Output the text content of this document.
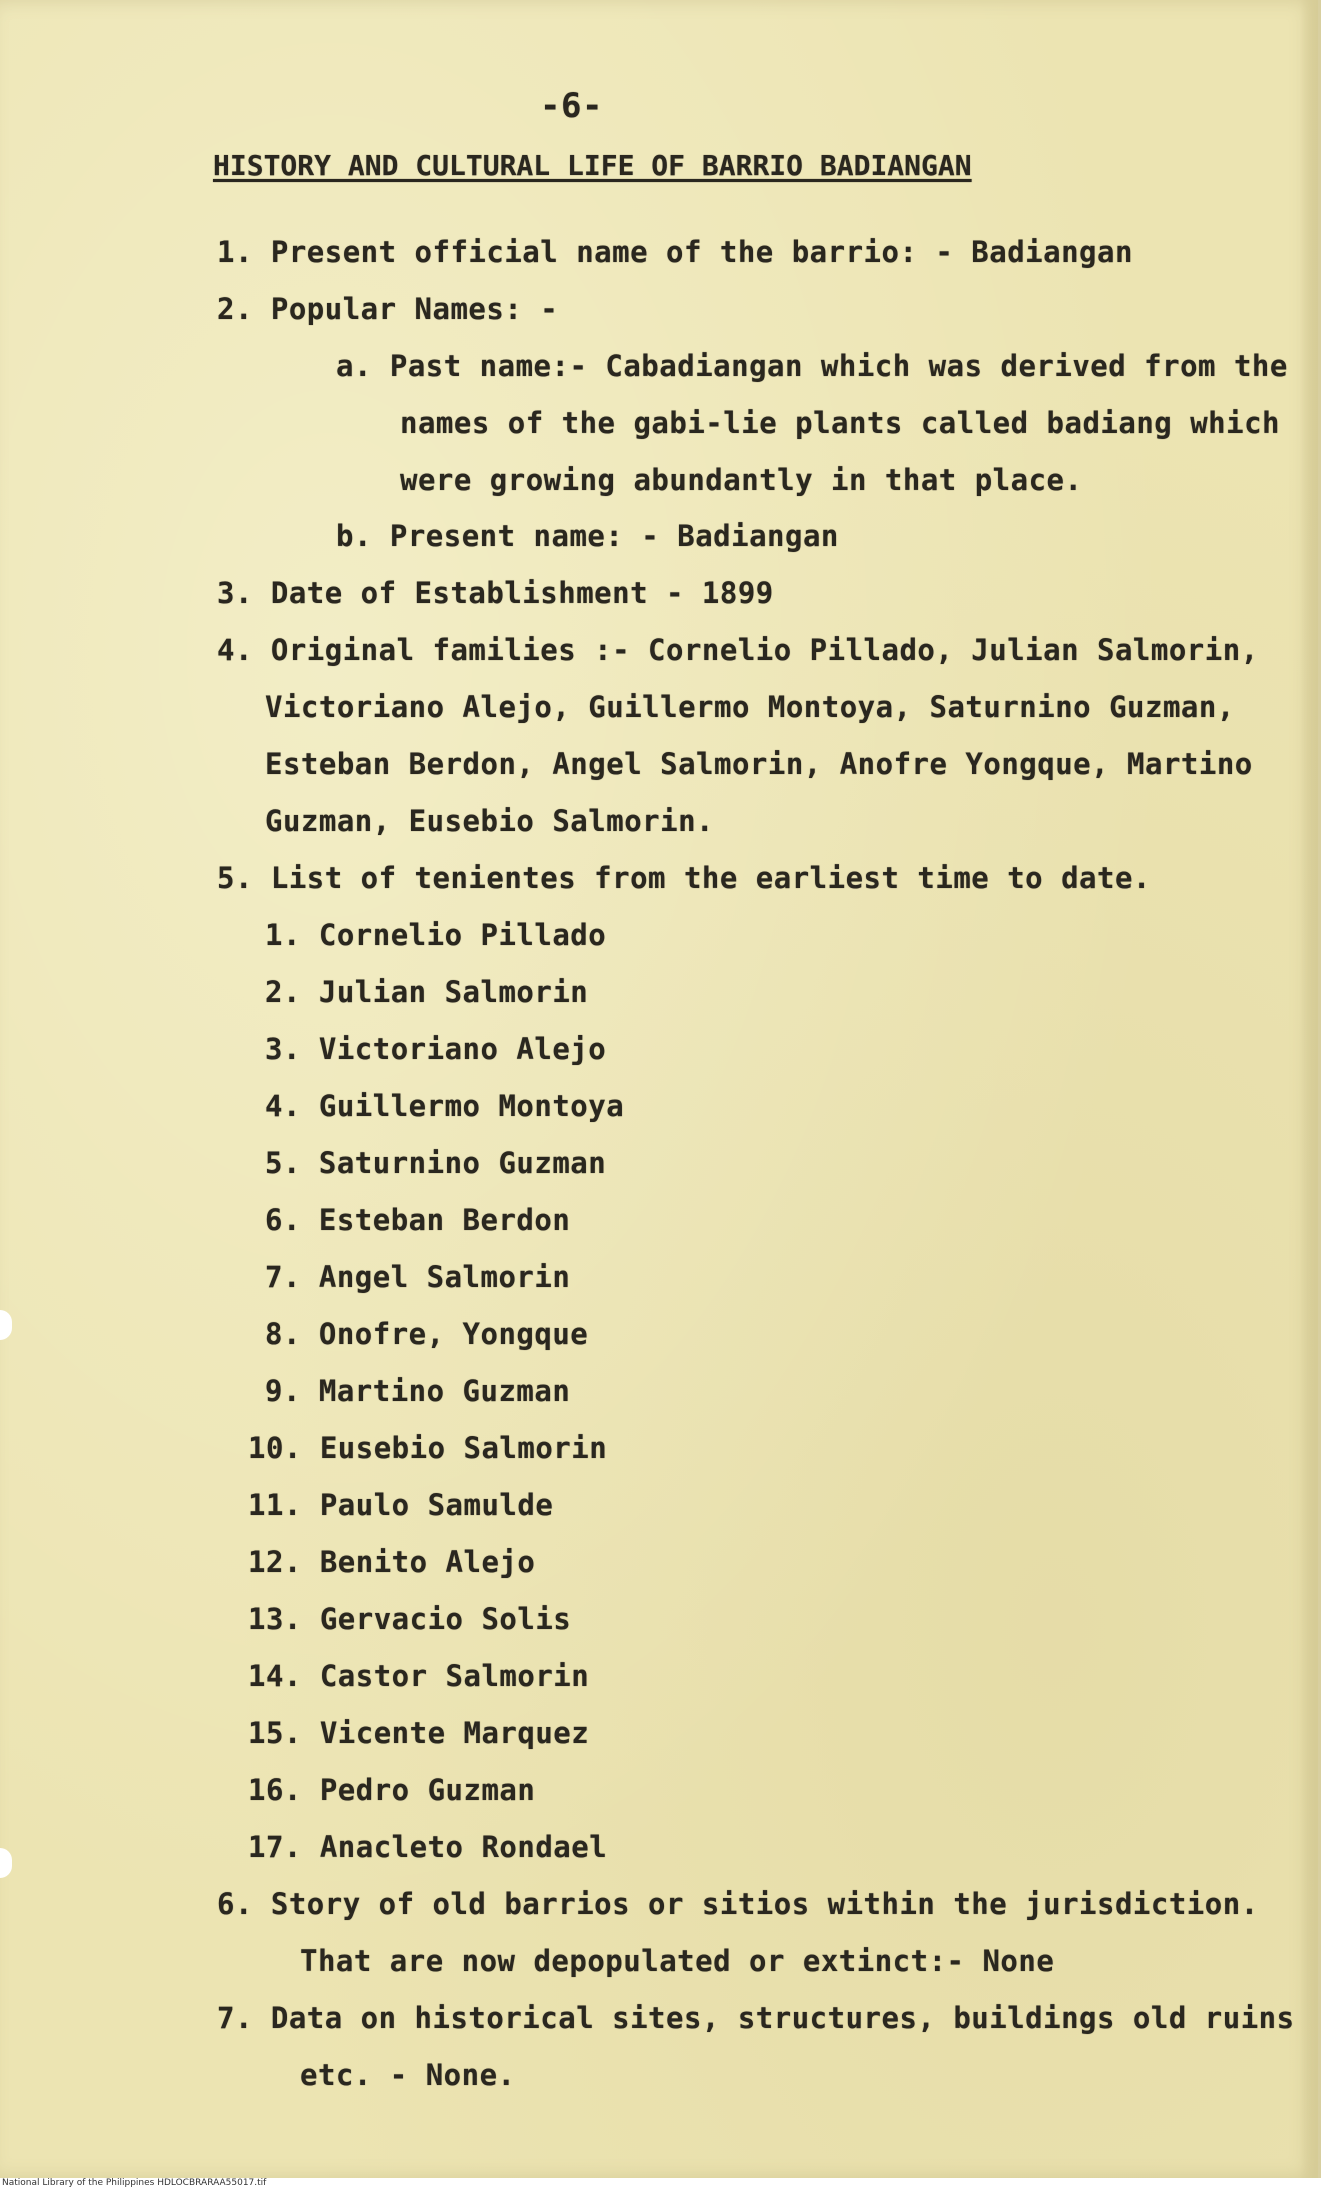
-6-
HISTORY AND CULTURAL LIFE OF BARRIO BADIANGAN
1. Present official name of the barrio: - Badiangan
2. Popular Names: -
a. Past name:- Cabadiangan which was derived from the
names of the gabi-lie plants called badiang which
were growing abundantly in that place.
b. Present name: - Badiangan
3. Date of Establishment - 1899
4. Original families :- Cornelio Pillado, Julian Salmorin,
Victoriano Alejo, Guillermo Montoya, Saturnino Guzman,
Esteban Berdon, Angel Salmorin, Anofre Yongque, Martino
Guzman, Eusebio Salmorin.
5. List of tenientes from the earliest time to date.
1. Cornelio Pillado
2. Julian Salmorin
3. Victoriano Alejo
4. Guillermo Montoya
5. Saturnino Guzman
6. Esteban Berdon
7. Angel Salmorin
8. Onofre, Yongque
9. Martino Guzman
10. Eusebio Salmorin
11. Paulo Samulde
12. Benito Alejo
13. Gervacio Solis
14. Castor Salmorin
15. Vicente Marquez
16. Pedro Guzman
17. Anacleto Rondael
6. Story of old barrios or sitios within the jurisdiction.
That are now depopulated or extinct:- None
7. Data on historical sites, structures, buildings old ruins
etc. - None.
National Library of the Philippines HDLOCBRARAA55017.tif
